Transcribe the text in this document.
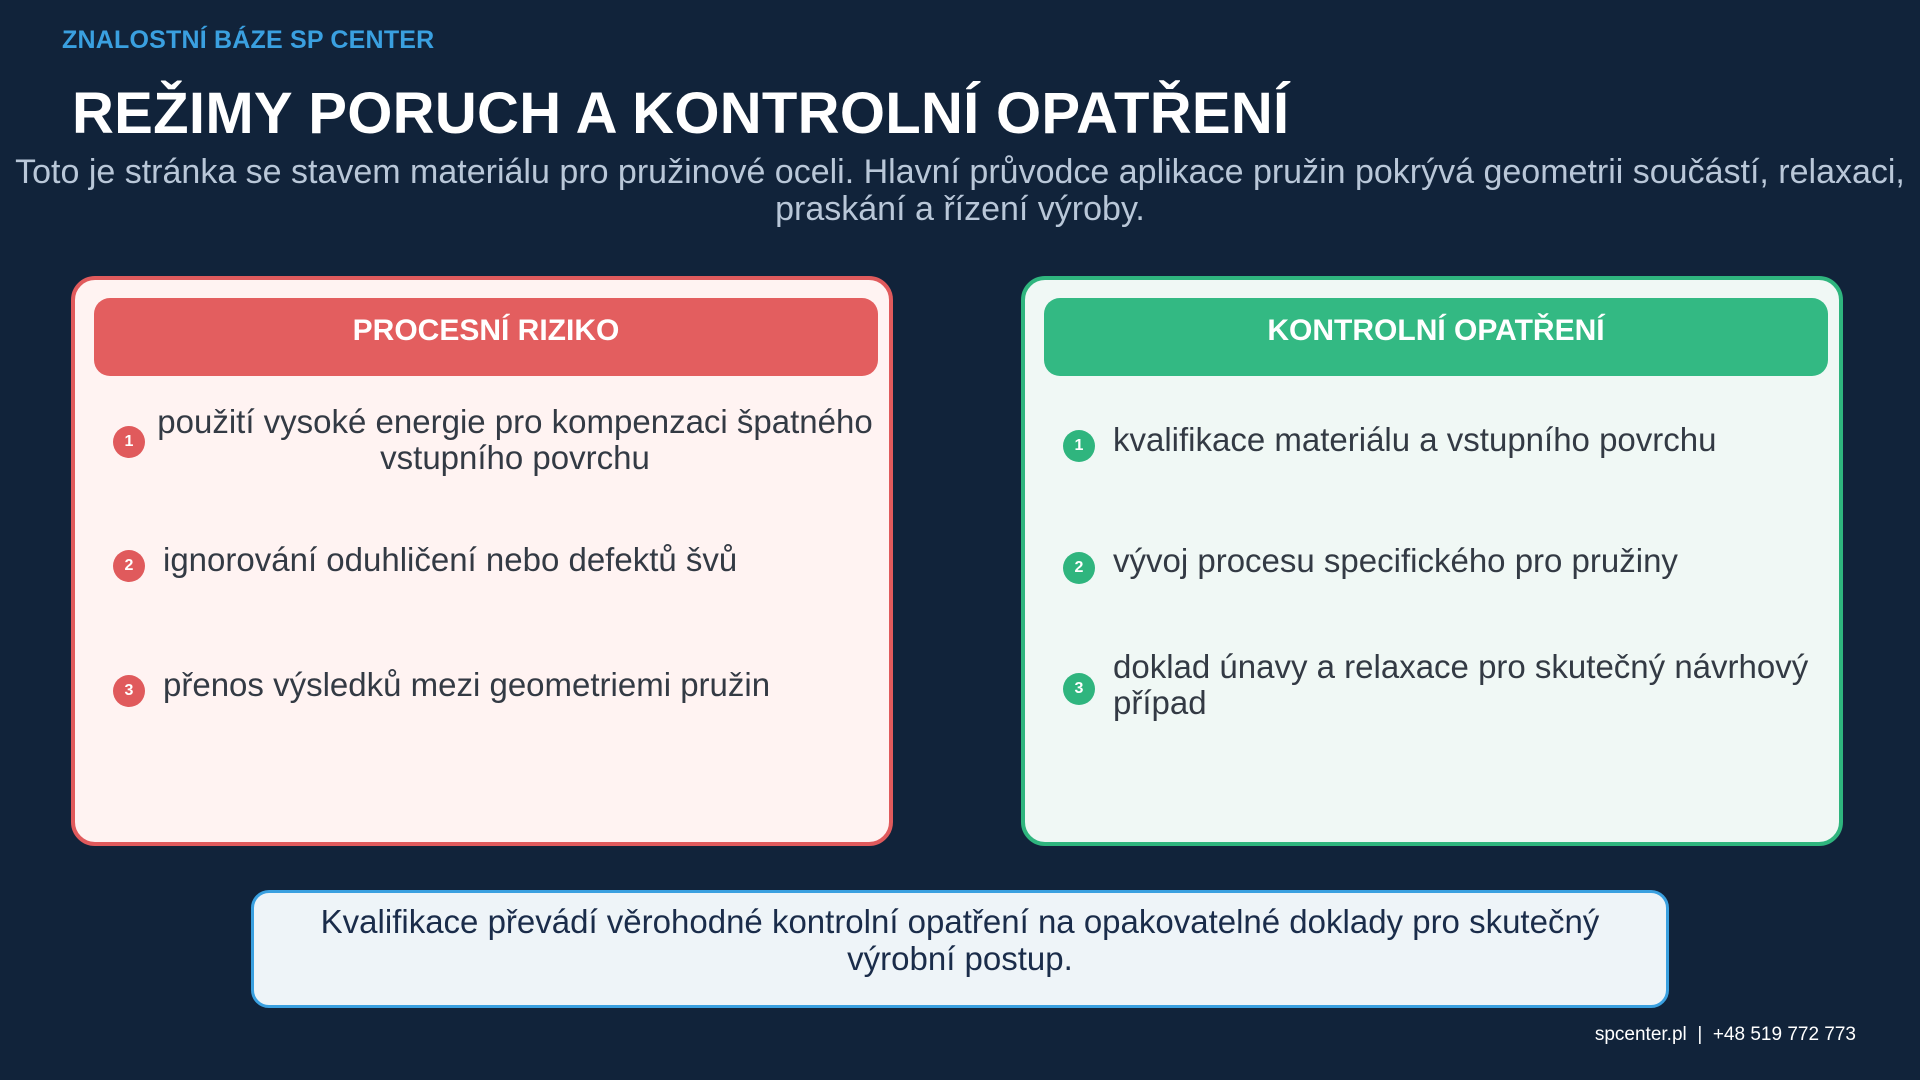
ZNALOSTNÍ BÁZE SP CENTER
REŽIMY PORUCH A KONTROLNÍ OPATŘENÍ
Toto je stránka se stavem materiálu pro pružinové oceli. Hlavní průvodce aplikace pružin pokrývá geometrii součástí, relaxaci,
praskání a řízení výroby.
PROCESNÍ RIZIKO
1
použití vysoké energie pro kompenzaci špatného
vstupního povrchu
2 ignorování oduhličení nebo defektů švů
3 přenos výsledků mezi geometriemi pružin
KONTROLNÍ OPATŘENÍ
1 kvalifikace materiálu a vstupního povrchu
2 vývoj procesu specifického pro pružiny
3
doklad únavy a relaxace pro skutečný návrhový
případ
Kvalifikace převádí věrohodné kontrolní opatření na opakovatelné doklady pro skutečný
výrobní postup.
spcenter.pl | +48 519 772 773
